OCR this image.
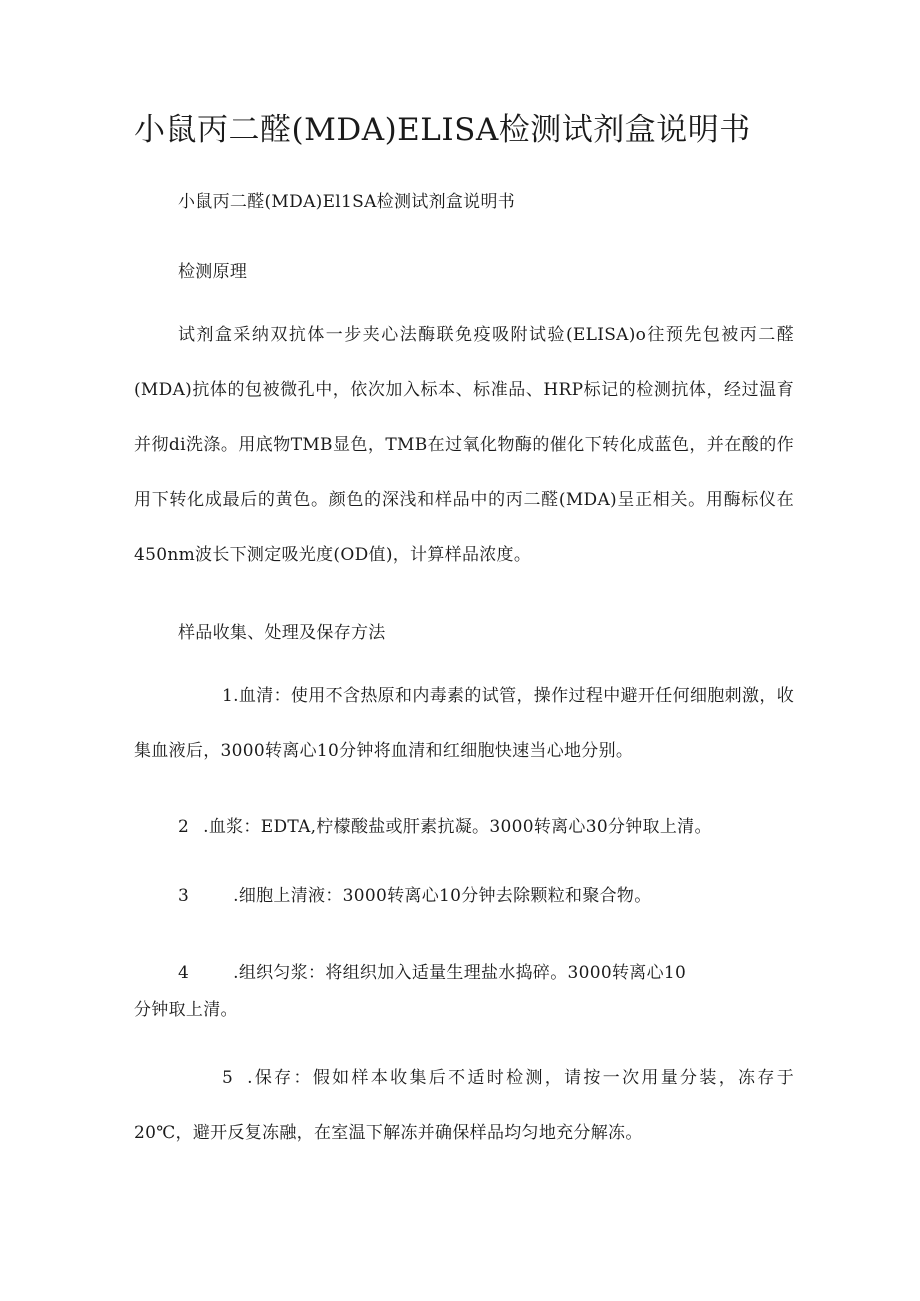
小鼠丙二醛(MDA)ELISA检测试剂盒说明书

小鼠丙二醛(MDA)El1SA检测试剂盒说明书

检测原理

试剂盒采纳双抗体一步夹心法酶联免疫吸附试验(ELISA)o往预先包被丙二醛(MDA)抗体的包被微孔中，依次加入标本、标准品、HRP标记的检测抗体，经过温育并彻di洗涤。用底物TMB显色，TMB在过氧化物酶的催化下转化成蓝色，并在酸的作用下转化成最后的黄色。颜色的深浅和样品中的丙二醛(MDA)呈正相关。用酶标仪在450nm波长下测定吸光度(OD值)，计算样品浓度。

样品收集、处理及保存方法

1.血清：使用不含热原和内毒素的试管，操作过程中避开任何细胞刺激，收集血液后，3000转离心10分钟将血清和红细胞快速当心地分别。

2 .血浆：EDTA,柠檬酸盐或肝素抗凝。3000转离心30分钟取上清。

3	.细胞上清液：3000转离心10分钟去除颗粒和聚合物。

4	.组织匀浆：将组织加入适量生理盐水捣碎。3000转离心10

分钟取上清。

5 .保存：假如样本收集后不适时检测，请按一次用量分装，冻存于20℃，避开反复冻融，在室温下解冻并确保样品均匀地充分解冻。
